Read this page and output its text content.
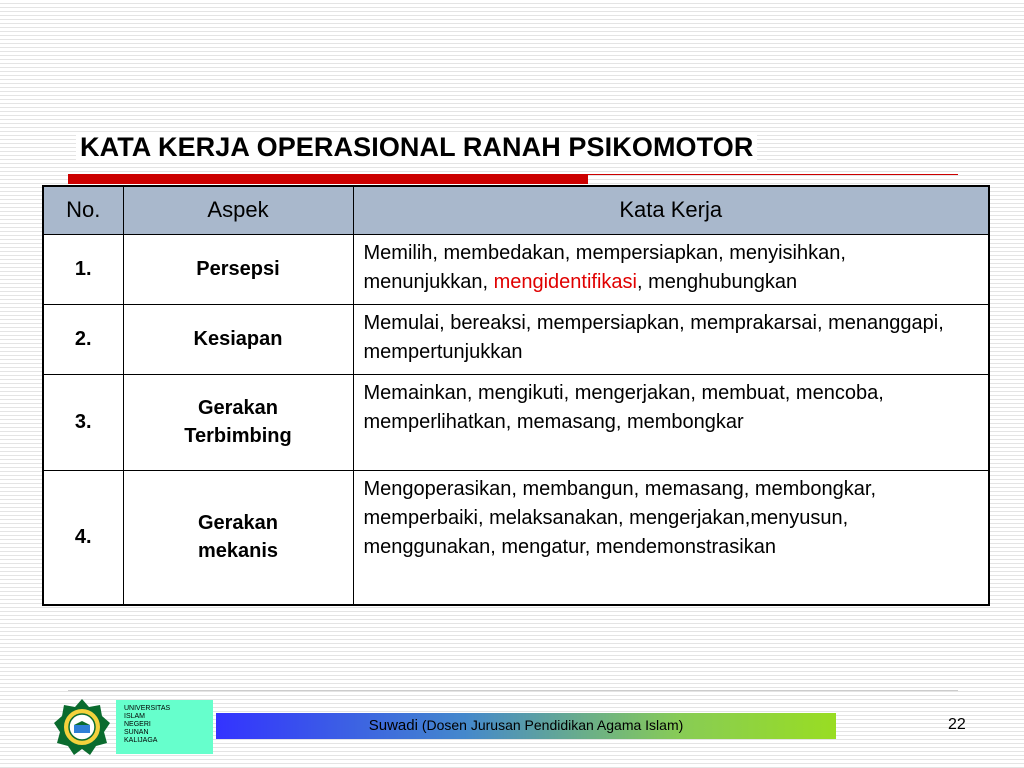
KATA KERJA OPERASIONAL RANAH PSIKOMOTOR
No.	Aspek	Kata Kerja
1.	Persepsi	Memilih, membedakan, mempersiapkan, menyisihkan,
menunjukkan, mengidentifikasi, menghubungkan
2.	Kesiapan	Memulai, bereaksi, mempersiapkan, memprakarsai, menanggapi, mempertunjukkan
3.	Gerakan
Terbimbing	Memainkan, mengikuti, mengerjakan, membuat, mencoba, memperlihatkan, memasang, membongkar
4.	Gerakan
mekanis	Mengoperasikan, membangun, memasang, membongkar, memperbaiki, melaksanakan, mengerjakan,menyusun, menggunakan, mengatur, mendemonstrasikan
UNIVERSITAS
ISLAM
NEGERI
SUNAN
KALIJAGA
Suwadi (Dosen Jurusan Pendidikan Agama Islam)	22
